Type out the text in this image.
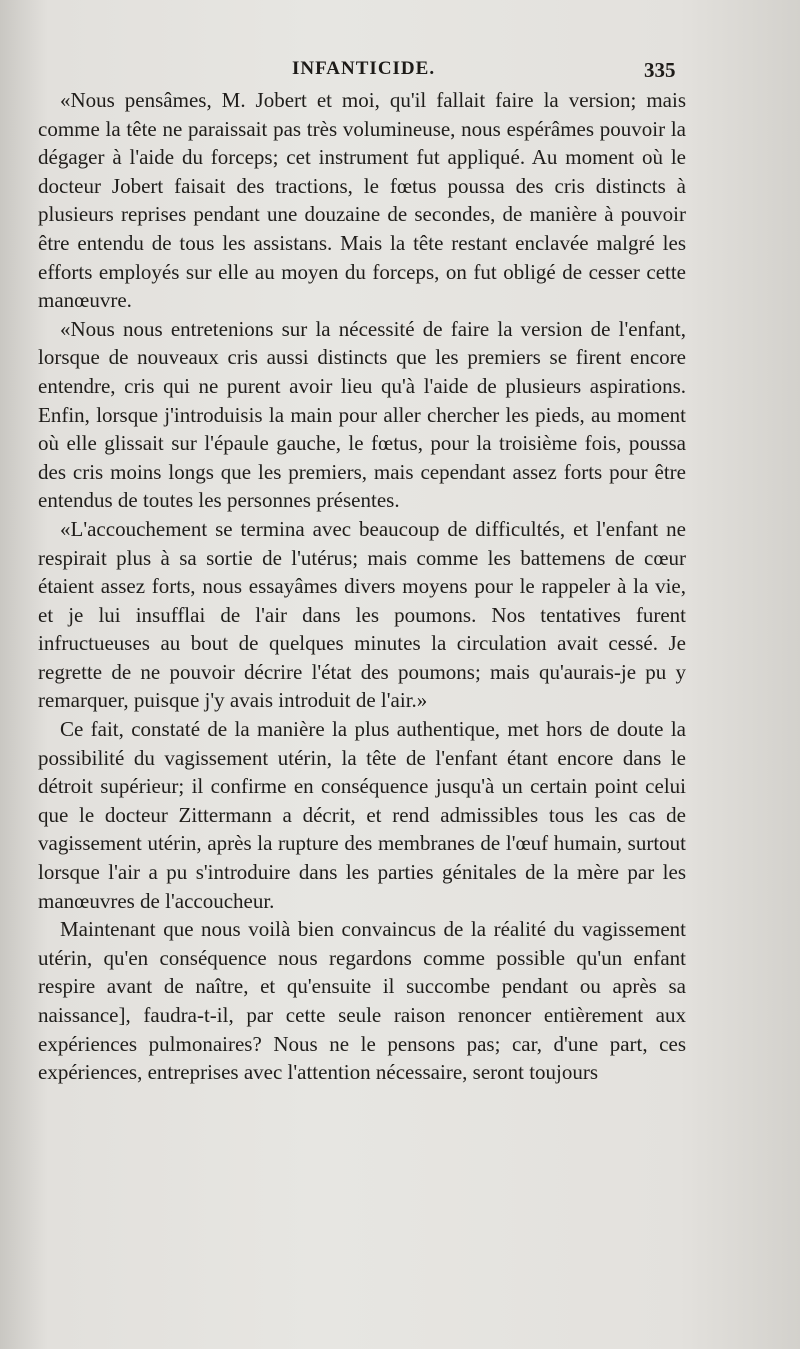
INFANTICIDE.	335

«Nous pensâmes, M. Jobert et moi, qu'il fallait faire la version; mais comme la tête ne paraissait pas très volumineuse, nous espérâmes pouvoir la dégager à l'aide du forceps; cet instrument fut appliqué. Au moment où le docteur Jobert faisait des tractions, le fœtus poussa des cris distincts à plusieurs reprises pendant une douzaine de secondes, de manière à pouvoir être entendu de tous les assistans. Mais la tête restant enclavée malgré les efforts employés sur elle au moyen du forceps, on fut obligé de cesser cette manœuvre.

«Nous nous entretenions sur la nécessité de faire la version de l'enfant, lorsque de nouveaux cris aussi distincts que les premiers se firent encore entendre, cris qui ne purent avoir lieu qu'à l'aide de plusieurs aspirations. Enfin, lorsque j'introduisis la main pour aller chercher les pieds, au moment où elle glissait sur l'épaule gauche, le fœtus, pour la troisième fois, poussa des cris moins longs que les premiers, mais cependant assez forts pour être entendus de toutes les personnes présentes.

«L'accouchement se termina avec beaucoup de difficultés, et l'enfant ne respirait plus à sa sortie de l'utérus; mais comme les battemens de cœur étaient assez forts, nous essayâmes divers moyens pour le rappeler à la vie, et je lui insufflai de l'air dans les poumons. Nos tentatives furent infructueuses au bout de quelques minutes la circulation avait cessé. Je regrette de ne pouvoir décrire l'état des poumons; mais qu'aurais-je pu y remarquer, puisque j'y avais introduit de l'air.»

Ce fait, constaté de la manière la plus authentique, met hors de doute la possibilité du vagissement utérin, la tête de l'enfant étant encore dans le détroit supérieur; il confirme en conséquence jusqu'à un certain point celui que le docteur Zittermann a décrit, et rend admissibles tous les cas de vagissement utérin, après la rupture des membranes de l'œuf humain, surtout lorsque l'air a pu s'introduire dans les parties génitales de la mère par les manœuvres de l'accoucheur.

Maintenant que nous voilà bien convaincus de la réalité du vagissement utérin, qu'en conséquence nous regardons comme possible qu'un enfant respire avant de naître, et qu'ensuite il succombe pendant ou après sa naissance], faudra-t-il, par cette seule raison renoncer entièrement aux expériences pulmonaires? Nous ne le pensons pas; car, d'une part, ces expériences, entreprises avec l'attention nécessaire, seront toujours
